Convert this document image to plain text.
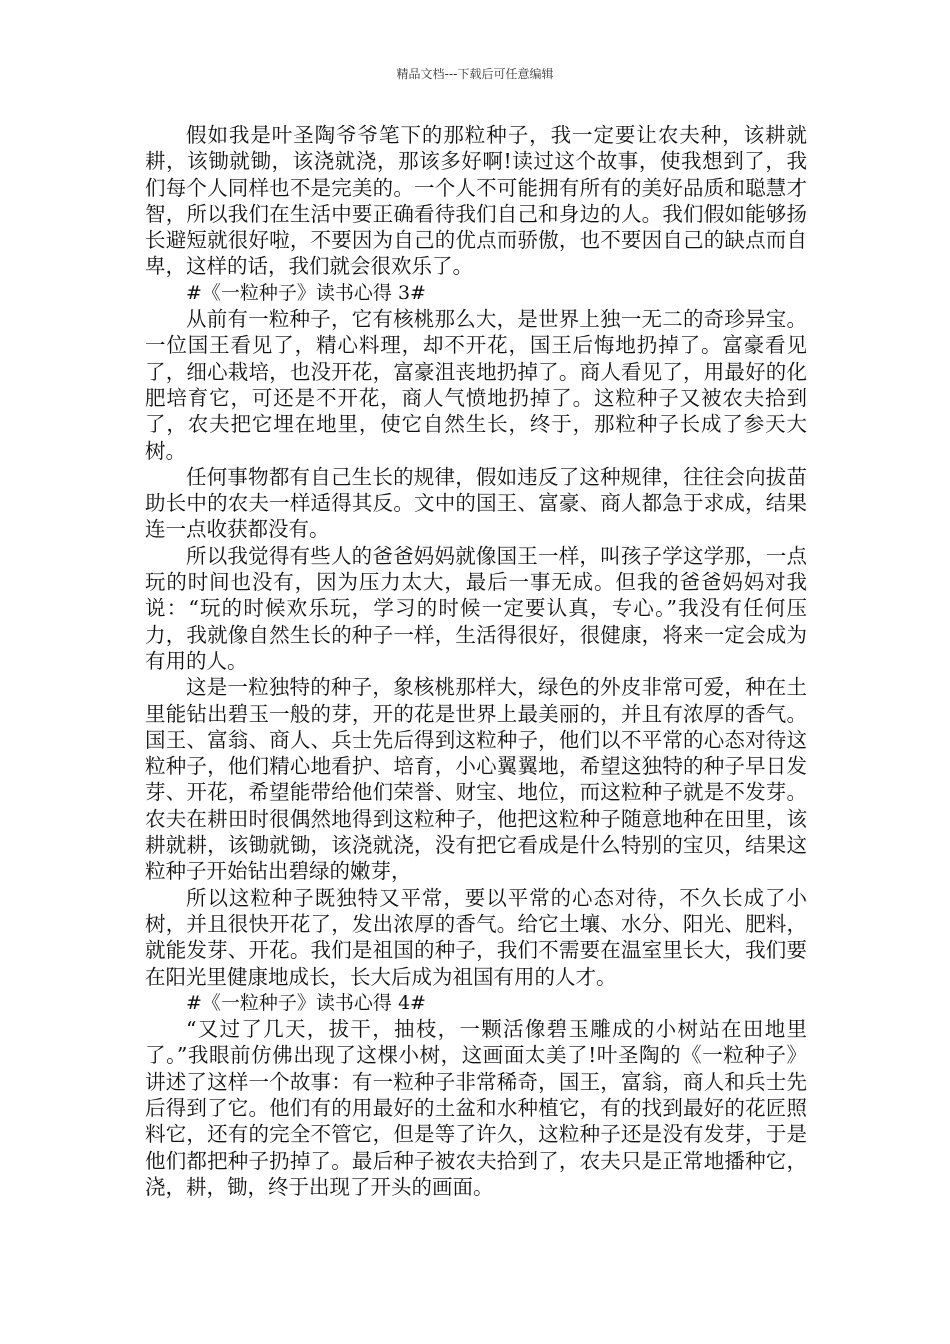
精品文档---下载后可任意编辑

假如我是叶圣陶爷爷笔下的那粒种子，我一定要让农夫种，该耕就耕，该锄就锄，该浇就浇，那该多好啊!读过这个故事，使我想到了，我们每个人同样也不是完美的。一个人不可能拥有所有的美好品质和聪慧才智，所以我们在生活中要正确看待我们自己和身边的人。我们假如能够扬长避短就很好啦，不要因为自己的优点而骄傲，也不要因自己的缺点而自卑，这样的话，我们就会很欢乐了。

#《一粒种子》读书心得 3#

从前有一粒种子，它有核桃那么大，是世界上独一无二的奇珍异宝。一位国王看见了，精心料理，却不开花，国王后悔地扔掉了。富豪看见了，细心栽培，也没开花，富豪沮丧地扔掉了。商人看见了，用最好的化肥培育它，可还是不开花，商人气愤地扔掉了。这粒种子又被农夫拾到了，农夫把它埋在地里，使它自然生长，终于，那粒种子长成了参天大树。

任何事物都有自己生长的规律，假如违反了这种规律，往往会向拔苗助长中的农夫一样适得其反。文中的国王、富豪、商人都急于求成，结果连一点收获都没有。

所以我觉得有些人的爸爸妈妈就像国王一样，叫孩子学这学那，一点玩的时间也没有，因为压力太大，最后一事无成。但我的爸爸妈妈对我说：“玩的时候欢乐玩，学习的时候一定要认真，专心。”我没有任何压力，我就像自然生长的种子一样，生活得很好，很健康，将来一定会成为有用的人。

这是一粒独特的种子，象核桃那样大，绿色的外皮非常可爱，种在土里能钻出碧玉一般的芽，开的花是世界上最美丽的，并且有浓厚的香气。国王、富翁、商人、兵士先后得到这粒种子，他们以不平常的心态对待这粒种子，他们精心地看护、培育，小心翼翼地，希望这独特的种子早日发芽、开花，希望能带给他们荣誉、财宝、地位，而这粒种子就是不发芽。农夫在耕田时很偶然地得到这粒种子，他把这粒种子随意地种在田里，该耕就耕，该锄就锄，该浇就浇，没有把它看成是什么特别的宝贝，结果这粒种子开始钻出碧绿的嫩芽，

所以这粒种子既独特又平常，要以平常的心态对待，不久长成了小树，并且很快开花了，发出浓厚的香气。给它土壤、水分、阳光、肥料，就能发芽、开花。我们是祖国的种子，我们不需要在温室里长大，我们要在阳光里健康地成长，长大后成为祖国有用的人才。

#《一粒种子》读书心得 4#

“又过了几天，拔干，抽枝，一颗活像碧玉雕成的小树站在田地里了。”我眼前仿佛出现了这棵小树，这画面太美了!叶圣陶的《一粒种子》讲述了这样一个故事：有一粒种子非常稀奇，国王，富翁，商人和兵士先后得到了它。他们有的用最好的土盆和水种植它，有的找到最好的花匠照料它，还有的完全不管它，但是等了许久，这粒种子还是没有发芽，于是他们都把种子扔掉了。最后种子被农夫拾到了，农夫只是正常地播种它，浇，耕，锄，终于出现了开头的画面。
